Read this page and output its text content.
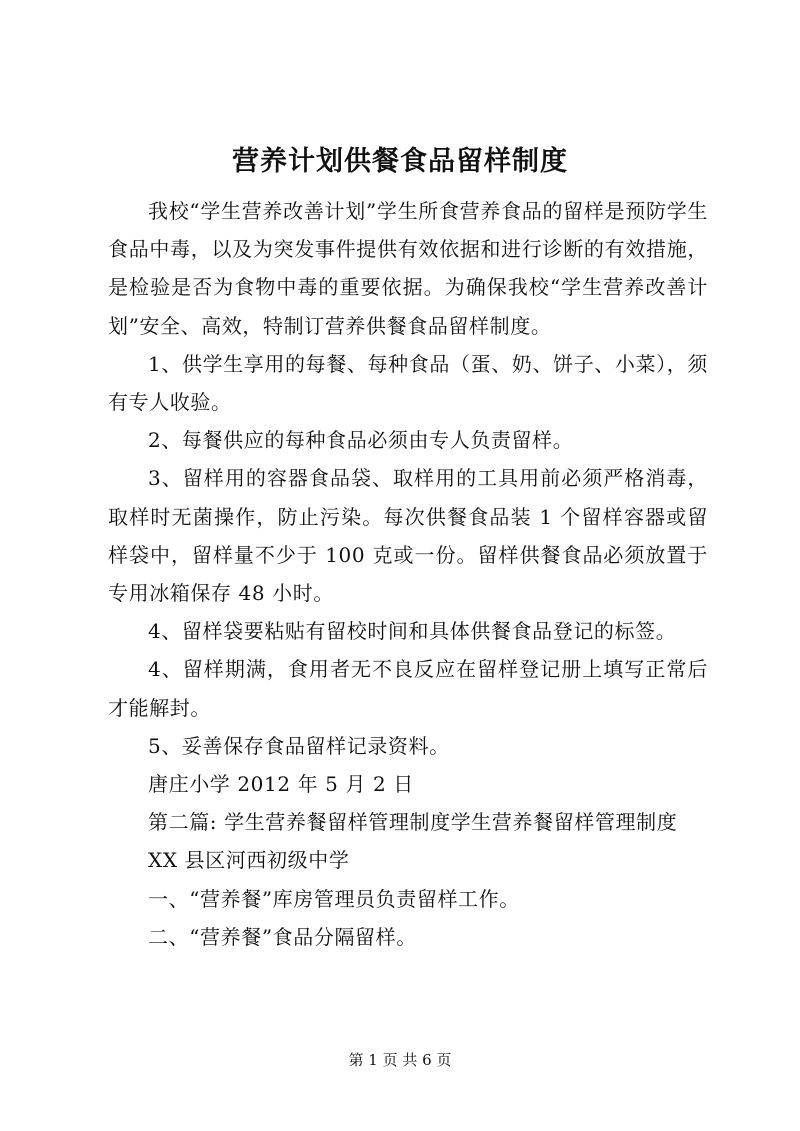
营养计划供餐食品留样制度

我校“学生营养改善计划”学生所食营养食品的留样是预防学生食品中毒，以及为突发事件提供有效依据和进行诊断的有效措施，是检验是否为食物中毒的重要依据。为确保我校“学生营养改善计划”安全、高效，特制订营养供餐食品留样制度。

1、供学生享用的每餐、每种食品（蛋、奶、饼子、小菜），须有专人收验。

2、每餐供应的每种食品必须由专人负责留样。

3、留样用的容器食品袋、取样用的工具用前必须严格消毒，取样时无菌操作，防止污染。每次供餐食品装 1 个留样容器或留样袋中，留样量不少于 100 克或一份。留样供餐食品必须放置于专用冰箱保存 48 小时。

4、留样袋要粘贴有留校时间和具体供餐食品登记的标签。

4、留样期满，食用者无不良反应在留样登记册上填写正常后才能解封。

5、妥善保存食品留样记录资料。

唐庄小学 2012 年 5 月 2 日

第二篇: 学生营养餐留样管理制度学生营养餐留样管理制度

XX 县区河西初级中学

一、“营养餐”库房管理员负责留样工作。

二、“营养餐”食品分隔留样。

第 1 页 共 6 页
